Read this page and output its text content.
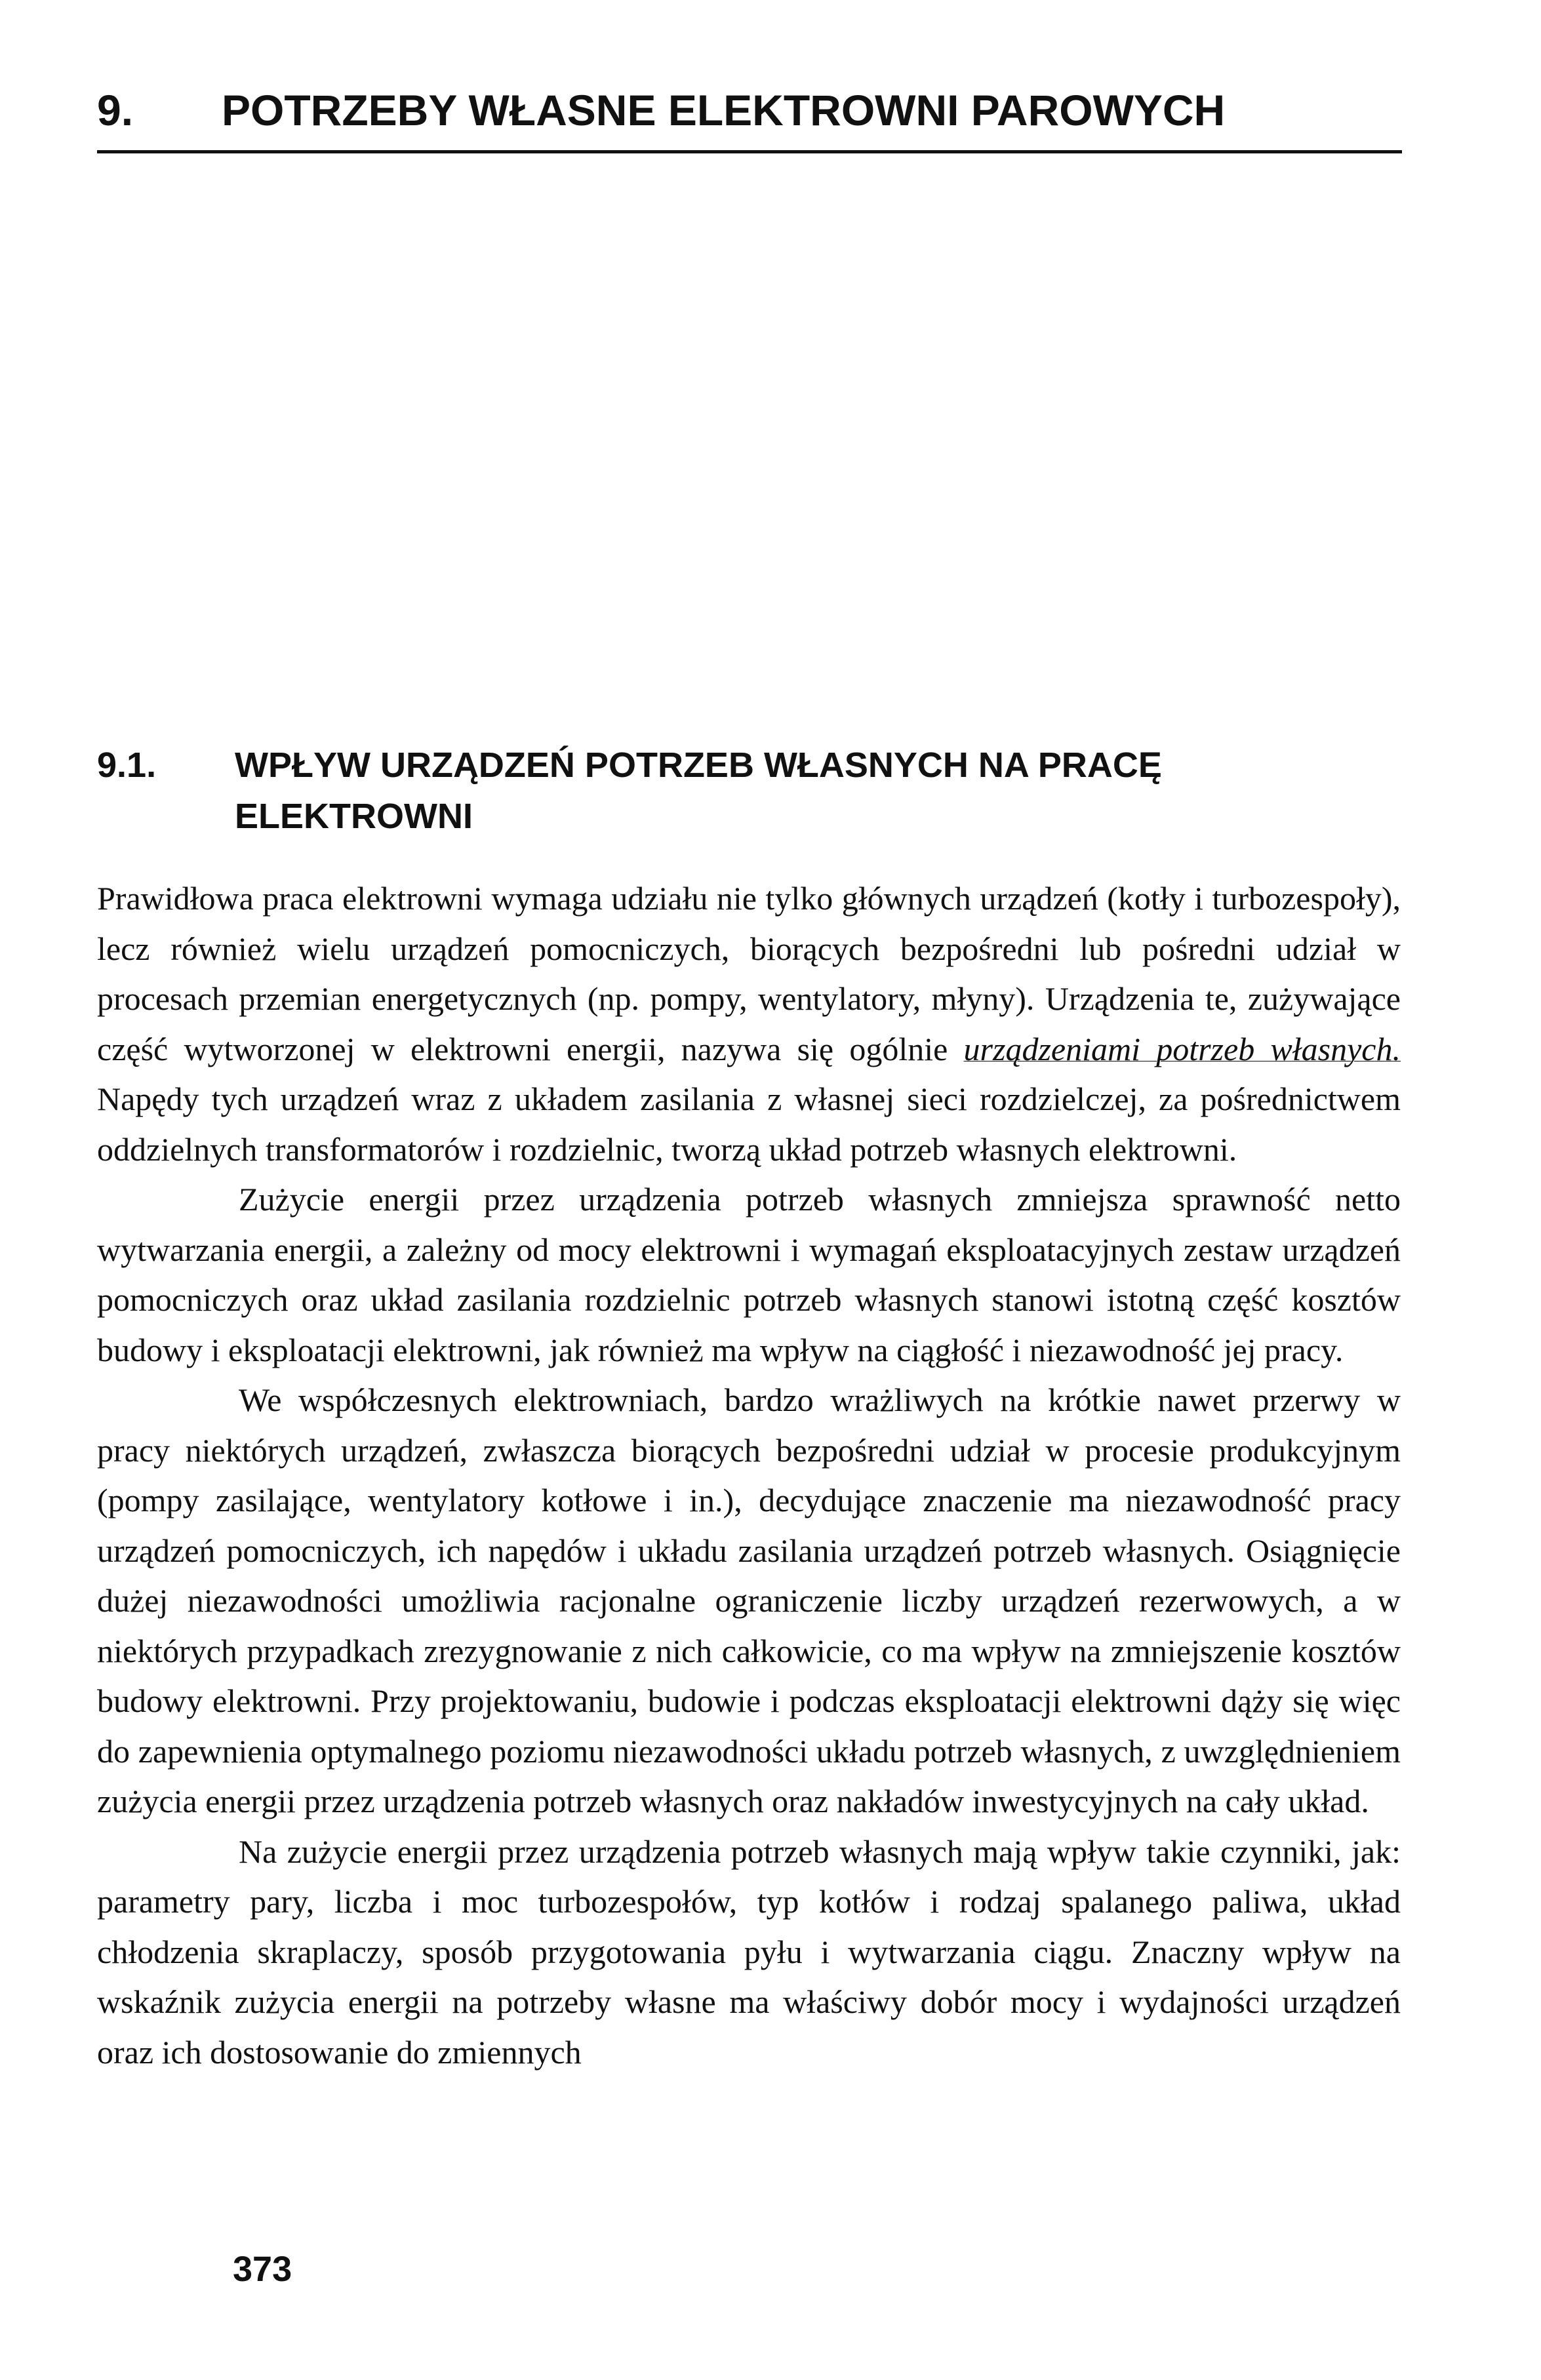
9. POTRZEBY WŁASNE ELEKTROWNI PAROWYCH
9.1.	WPŁYW URZĄDZEŃ POTRZEB WŁASNYCH NA PRACĘ
ELEKTROWNI

Prawidłowa praca elektrowni wymaga udziału nie tylko głównych urządzeń (kotły i turbozespoły), lecz również wielu urządzeń pomocniczych, biorących bezpośredni lub pośredni udział w procesach przemian energetycznych (np. pompy, wentylatory, młyny). Urządzenia te, zużywające część wytworzonej w elektrowni energii, nazywa się ogólnie urządzeniami potrzeb własnych. Napędy tych urządzeń wraz z układem zasilania z własnej sieci rozdzielczej, za pośrednictwem oddzielnych transformatorów i rozdzielnic, tworzą układ potrzeb własnych elektrowni.

Zużycie energii przez urządzenia potrzeb własnych zmniejsza sprawność netto wytwarzania energii, a zależny od mocy elektrowni i wymagań eksploatacyjnych zestaw urządzeń pomocniczych oraz układ zasilania rozdzielnic potrzeb własnych stanowi istotną część kosztów budowy i eksploatacji elektrowni, jak również ma wpływ na ciągłość i niezawodność jej pracy.

We współczesnych elektrowniach, bardzo wrażliwych na krótkie nawet przerwy w pracy niektórych urządzeń, zwłaszcza biorących bezpośredni udział w procesie produkcyjnym (pompy zasilające, wentylatory kotłowe i in.), decydujące znaczenie ma niezawodność pracy urządzeń pomocniczych, ich napędów i układu zasilania urządzeń potrzeb własnych. Osiągnięcie dużej niezawodności umożliwia racjonalne ograniczenie liczby urządzeń rezerwowych, a w niektórych przypadkach zrezygnowanie z nich całkowicie, co ma wpływ na zmniejszenie kosztów budowy elektrowni. Przy projektowaniu, budowie i podczas eksploatacji elektrowni dąży się więc do zapewnienia optymalnego poziomu niezawodności układu potrzeb własnych, z uwzględnieniem zużycia energii przez urządzenia potrzeb własnych oraz nakładów inwestycyjnych na cały układ.

Na zużycie energii przez urządzenia potrzeb własnych mają wpływ takie czynniki, jak: parametry pary, liczba i moc turbozespołów, typ kotłów i rodzaj spalanego paliwa, układ chłodzenia skraplaczy, sposób przygotowania pyłu i wytwarzania ciągu. Znaczny wpływ na wskaźnik zużycia energii na potrzeby własne ma właściwy dobór mocy i wydajności urządzeń oraz ich dostosowanie do zmiennych

373
